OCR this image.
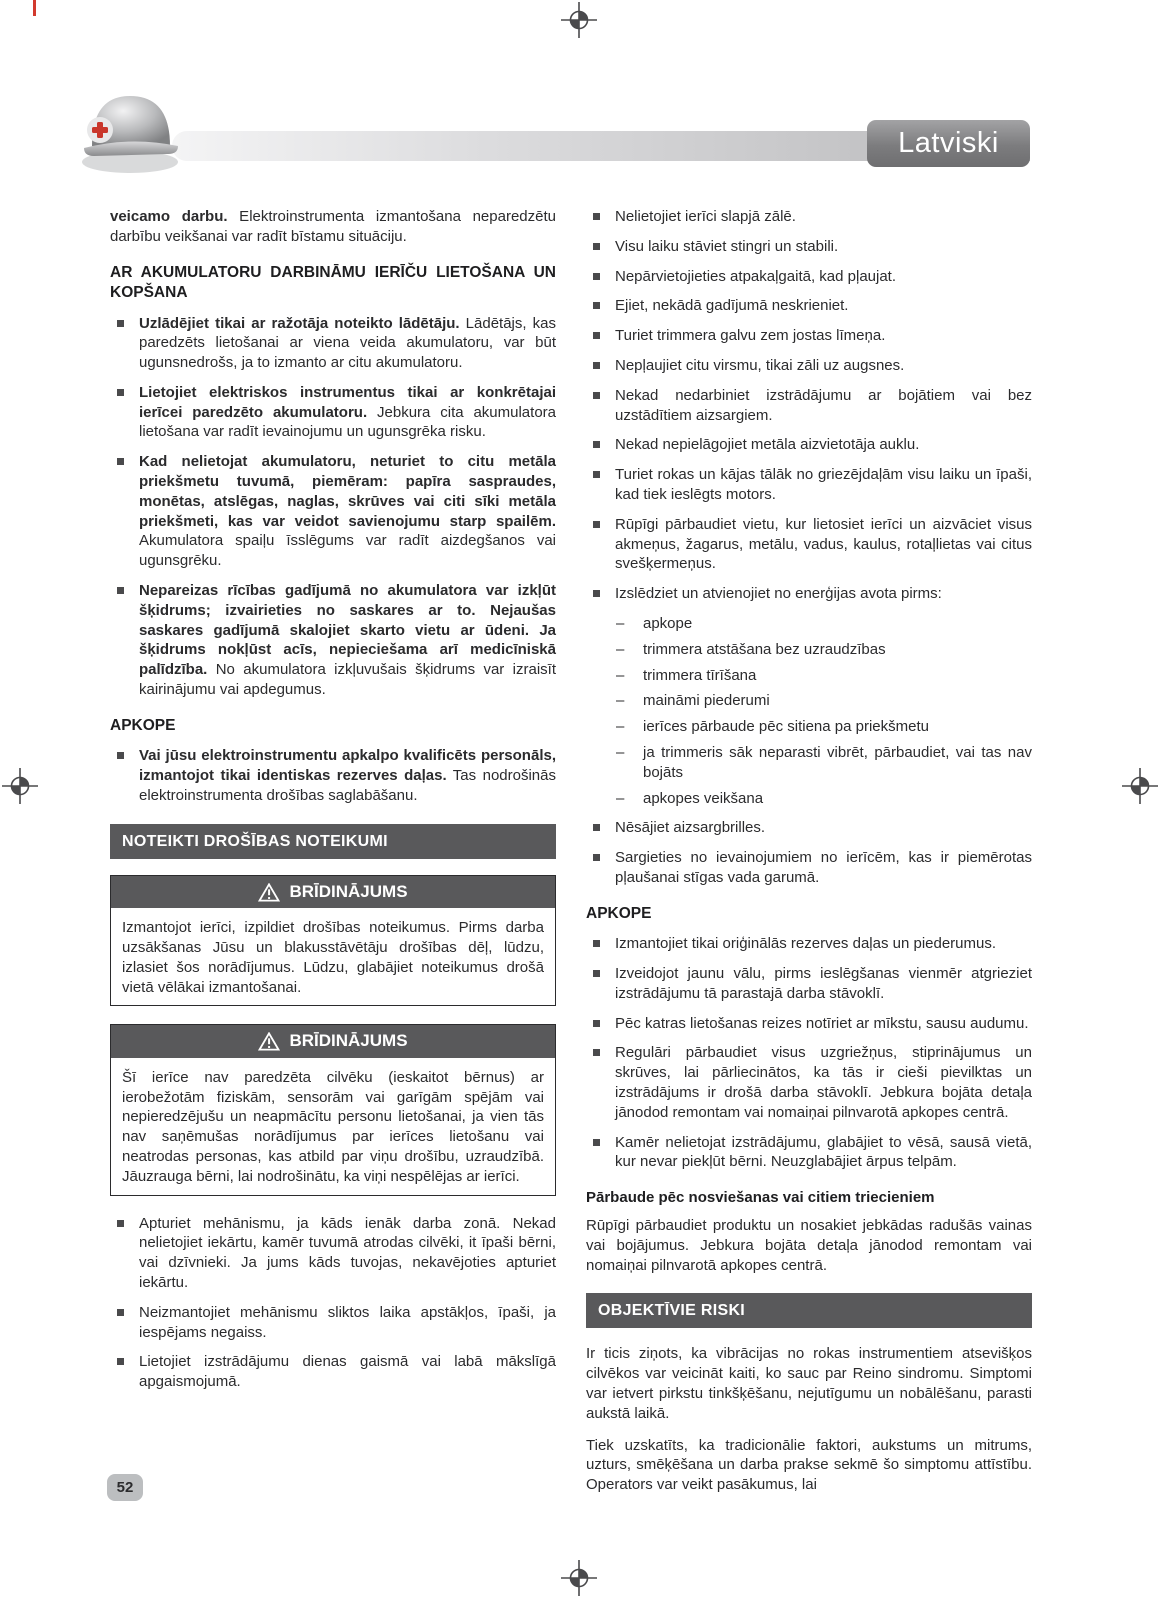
Latviski

veicamo darbu. Elektroinstrumenta izmantošana neparedzētu darbību veikšanai var radīt bīstamu situāciju.

AR AKUMULATORU DARBINĀMU IERĪČU LIETOŠANA UN KOPŠANA
Uzlādējiet tikai ar ražotāja noteikto lādētāju. Lādētājs, kas paredzēts lietošanai ar viena veida akumulatoru, var būt ugunsnedrošs, ja to izmanto ar citu akumulatoru.
Lietojiet elektriskos instrumentus tikai ar konkrētajai ierīcei paredzēto akumulatoru. Jebkura cita akumulatora lietošana var radīt ievainojumu un ugunsgrēka risku.
Kad nelietojat akumulatoru, neturiet to citu metāla priekšmetu tuvumā, piemēram: papīra saspraudes, monētas, atslēgas, naglas, skrūves vai citi sīki metāla priekšmeti, kas var veidot savienojumu starp spailēm. Akumulatora spaiļu īsslēgums var radīt aizdegšanos vai ugunsgrēku.
Nepareizas rīcības gadījumā no akumulatora var izkļūt šķidrums; izvairieties no saskares ar to. Nejaušas saskares gadījumā skalojiet skarto vietu ar ūdeni. Ja šķidrums nokļūst acīs, nepieciešama arī medicīniskā palīdzība. No akumulatora izkļuvušais šķidrums var izraisīt kairinājumu vai apdegumus.
APKOPE
Vai jūsu elektroinstrumentu apkalpo kvalificēts personāls, izmantojot tikai identiskas rezerves daļas. Tas nodrošinās elektroinstrumenta drošības saglabāšanu.
NOTEIKTI DROŠĪBAS NOTEIKUMI
BRĪDINĀJUMS

Izmantojot ierīci, izpildiet drošības noteikumus. Pirms darba uzsākšanas Jūsu un blakusstāvētāju drošības dēļ, lūdzu, izlasiet šos norādījumus. Lūdzu, glabājiet noteikumus drošā vietā vēlākai izmantošanai.

BRĪDINĀJUMS

Šī ierīce nav paredzēta cilvēku (ieskaitot bērnus) ar ierobežotām fiziskām, sensorām vai garīgām spējām vai nepieredzējušu un neapmācītu personu lietošanai, ja vien tās nav saņēmušas norādījumus par ierīces lietošanu vai neatrodas personas, kas atbild par viņu drošību, uzraudzībā. Jāuzrauga bērni, lai nodrošinātu, ka viņi nespēlējas ar ierīci.

Apturiet mehānismu, ja kāds ienāk darba zonā. Nekad nelietojiet iekārtu, kamēr tuvumā atrodas cilvēki, it īpaši bērni, vai dzīvnieki. Ja jums kāds tuvojas, nekavējoties apturiet iekārtu.
Neizmantojiet mehānismu sliktos laika apstākļos, īpaši, ja iespējams negaiss.
Lietojiet izstrādājumu dienas gaismā vai labā mākslīgā apgaismojumā.
Nelietojiet ierīci slapjā zālē.
Visu laiku stāviet stingri un stabili.
Nepārvietojieties atpakaļgaitā, kad pļaujat.
Ejiet, nekādā gadījumā neskrieniet.
Turiet trimmera galvu zem jostas līmeņa.
Nepļaujiet citu virsmu, tikai zāli uz augsnes.
Nekad nedarbiniet izstrādājumu ar bojātiem vai bez uzstādītiem aizsargiem.
Nekad nepielāgojiet metāla aizvietotāja auklu.
Turiet rokas un kājas tālāk no griezējdaļām visu laiku un īpaši, kad tiek ieslēgts motors.
Rūpīgi pārbaudiet vietu, kur lietosiet ierīci un aizvāciet visus akmeņus, žagarus, metālu, vadus, kaulus, rotaļlietas vai citus svešķermeņus.
Izslēdziet un atvienojiet no enerģijas avota pirms:
– apkope
– trimmera atstāšana bez uzraudzības
– trimmera tīrīšana
– maināmi piederumi
– ierīces pārbaude pēc sitiena pa priekšmetu
– ja trimmeris sāk neparasti vibrēt, pārbaudiet, vai tas nav bojāts
– apkopes veikšana
Nēsājiet aizsargbrilles.
Sargieties no ievainojumiem no ierīcēm, kas ir piemērotas pļaušanai stīgas vada garumā.
APKOPE
Izmantojiet tikai oriģinālās rezerves daļas un piederumus.
Izveidojot jaunu vālu, pirms ieslēgšanas vienmēr atgrieziet izstrādājumu tā parastajā darba stāvoklī.
Pēc katras lietošanas reizes notīriet ar mīkstu, sausu audumu.
Regulāri pārbaudiet visus uzgriežņus, stiprinājumus un skrūves, lai pārliecinātos, ka tās ir cieši pievilktas un izstrādājums ir drošā darba stāvoklī. Jebkura bojāta detaļa jānodod remontam vai nomaiņai pilnvarotā apkopes centrā.
Kamēr nelietojat izstrādājumu, glabājiet to vēsā, sausā vietā, kur nevar piekļūt bērni. Neuzglabājiet ārpus telpām.
Pārbaude pēc nosviešanas vai citiem triecieniem

Rūpīgi pārbaudiet produktu un nosakiet jebkādas radušās vainas vai bojājumus. Jebkura bojāta detaļa jānodod remontam vai nomaiņai pilnvarotā apkopes centrā.

OBJEKTĪVIE RISKI

Ir ticis ziņots, ka vibrācijas no rokas instrumentiem atsevišķos cilvēkos var veicināt kaiti, ko sauc par Reino sindromu. Simptomi var ietvert pirkstu tinkšķēšanu, nejutīgumu un nobālēšanu, parasti aukstā laikā.

Tiek uzskatīts, ka tradicionālie faktori, aukstums un mitrums, uzturs, smēķēšana un darba prakse sekmē šo simptomu attīstību. Operators var veikt pasākumus, lai

52
